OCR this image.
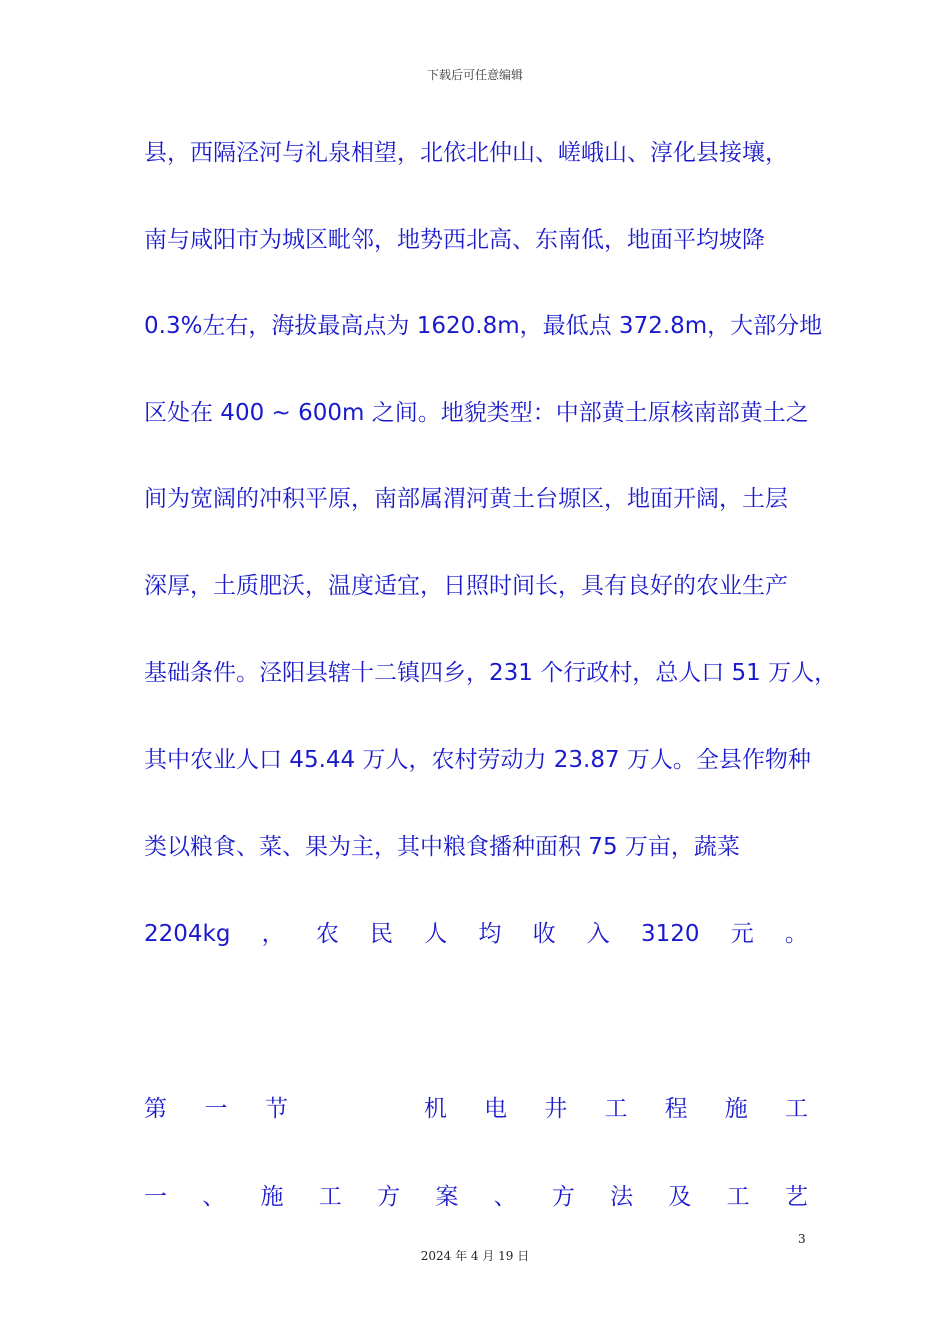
下载后可任意编辑
县，西隔泾河与礼泉相望，北依北仲山、嵯峨山、淳化县接壤，
南与咸阳市为城区毗邻，地势西北高、东南低，地面平均坡降
0.3%左右，海拔最高点为 1620.8m，最低点 372.8m，大部分地
区处在 400 ~ 600m 之间。地貌类型：中部黄土原核南部黄土之
间为宽阔的冲积平原，南部属渭河黄土台塬区，地面开阔，土层
深厚，土质肥沃，温度适宜，日照时间长，具有良好的农业生产
基础条件。泾阳县辖十二镇四乡，231 个行政村，总人口 51 万人，
其中农业人口 45.44 万人，农村劳动力 23.87 万人。全县作物种
类以粮食、菜、果为主，其中粮食播种面积 75 万亩，蔬菜
2204kg ， 农 民 人 均 收 入 3120 元 。
第 一 节	机 电 井 工 程 施 工
一 、 施 工 方 案 、 方 法 及 工 艺
3
2024 年 4 月 19 日
